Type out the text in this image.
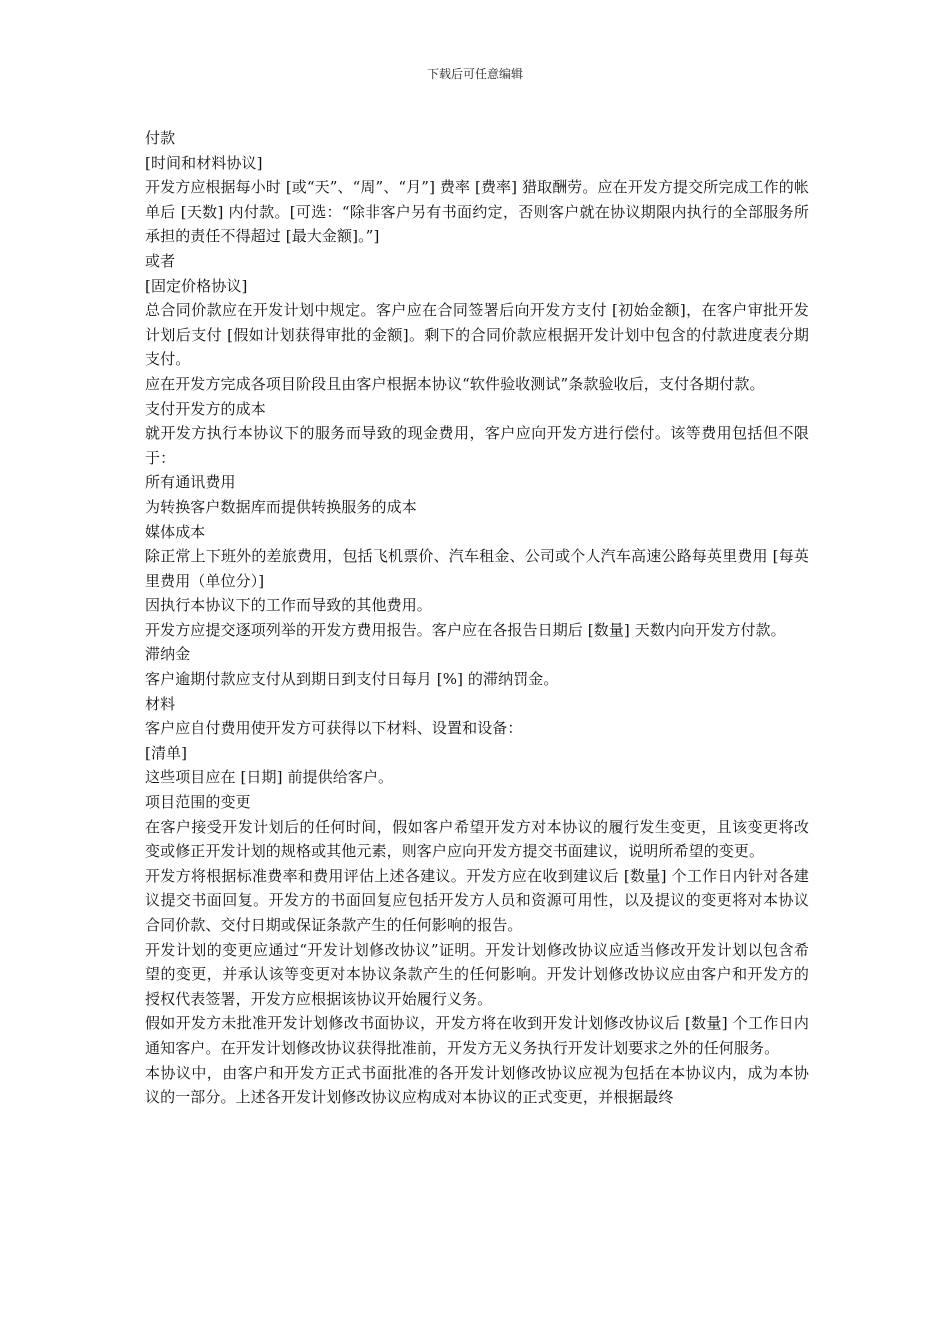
下载后可任意编辑

付款

[时间和材料协议]

开发方应根据每小时 [或“天”、“周”、“月”] 费率 [费率] 猎取酬劳。应在开发方提交所完成工作的帐单后 [天数] 内付款。[可选：“除非客户另有书面约定，否则客户就在协议期限内执行的全部服务所承担的责任不得超过 [最大金额]。”]

或者

[固定价格协议]

总合同价款应在开发计划中规定。客户应在合同签署后向开发方支付 [初始金额]，在客户审批开发计划后支付 [假如计划获得审批的金额]。剩下的合同价款应根据开发计划中包含的付款进度表分期支付。

应在开发方完成各项目阶段且由客户根据本协议“软件验收测试”条款验收后，支付各期付款。

支付开发方的成本

就开发方执行本协议下的服务而导致的现金费用，客户应向开发方进行偿付。该等费用包括但不限于：

所有通讯费用

为转换客户数据库而提供转换服务的成本

媒体成本

除正常上下班外的差旅费用，包括飞机票价、汽车租金、公司或个人汽车高速公路每英里费用 [每英里费用（单位分）]

因执行本协议下的工作而导致的其他费用。

开发方应提交逐项列举的开发方费用报告。客户应在各报告日期后 [数量] 天数内向开发方付款。

滞纳金

客户逾期付款应支付从到期日到支付日每月 [%] 的滞纳罚金。

材料

客户应自付费用使开发方可获得以下材料、设置和设备：

[清单]

这些项目应在 [日期] 前提供给客户。

项目范围的变更

在客户接受开发计划后的任何时间，假如客户希望开发方对本协议的履行发生变更，且该变更将改变或修正开发计划的规格或其他元素，则客户应向开发方提交书面建议，说明所希望的变更。

开发方将根据标准费率和费用评估上述各建议。开发方应在收到建议后 [数量] 个工作日内针对各建议提交书面回复。开发方的书面回复应包括开发方人员和资源可用性，以及提议的变更将对本协议合同价款、交付日期或保证条款产生的任何影响的报告。

开发计划的变更应通过“开发计划修改协议”证明。开发计划修改协议应适当修改开发计划以包含希望的变更，并承认该等变更对本协议条款产生的任何影响。开发计划修改协议应由客户和开发方的授权代表签署，开发方应根据该协议开始履行义务。

假如开发方未批准开发计划修改书面协议，开发方将在收到开发计划修改协议后 [数量] 个工作日内通知客户。在开发计划修改协议获得批准前，开发方无义务执行开发计划要求之外的任何服务。

本协议中，由客户和开发方正式书面批准的各开发计划修改协议应视为包括在本协议内，成为本协议的一部分。上述各开发计划修改协议应构成对本协议的正式变更，并根据最终
